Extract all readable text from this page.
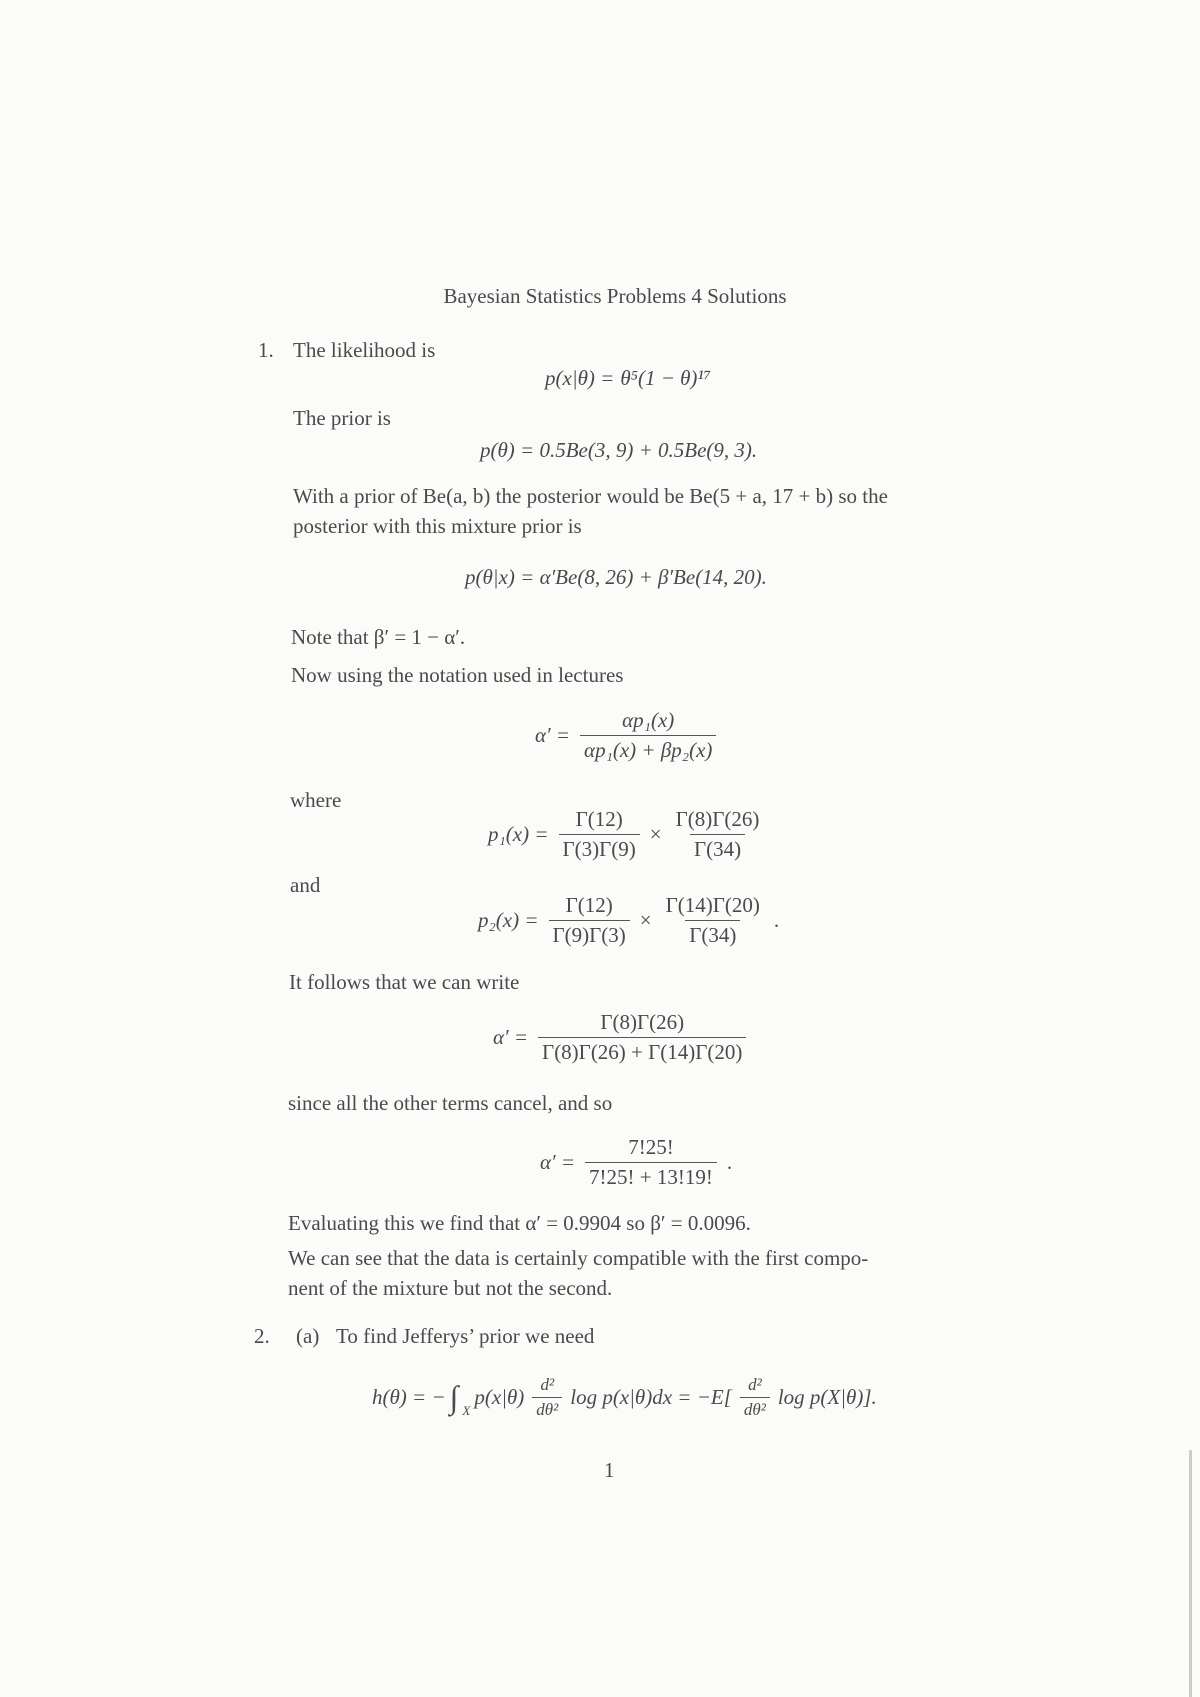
Bayesian Statistics Problems 4 Solutions
1. The likelihood is
p(x|θ) = θ⁵(1 − θ)¹⁷
The prior is
p(θ) = 0.5Be(3, 9) + 0.5Be(9, 3).
With a prior of Be(a, b) the posterior would be Be(5 + a, 17 + b) so the
posterior with this mixture prior is
p(θ|x) = α′Be(8, 26) + β′Be(14, 20).
Note that β′ = 1 − α′.
Now using the notation used in lectures
$\alpha' = \frac{\text{αp₁(x)}}{\text{αp₁(x) + βp₂(x)}}$
where
$p_1(x) = \frac{\Gamma(12)}{\Gamma(3)\Gamma(9)} \times \frac{\Gamma(8)\Gamma(26)}{\Gamma(34)}$
and
$p_2(x) = \frac{\Gamma(12)}{\Gamma(9)\Gamma(3)} \times \frac{\Gamma(14)\Gamma(20)}{\Gamma(34)}$ .
It follows that we can write
$\alpha' = \frac{\Gamma(8)\Gamma(26)}{\Gamma(8)\Gamma(26) + \Gamma(14)\Gamma(20)}$
since all the other terms cancel, and so
$\alpha' = \frac{7!25!}{7!25! + 13!19!}$ .
Evaluating this we find that α′ = 0.9904 so β′ = 0.0096.
We can see that the data is certainly compatible with the first compo-
nent of the mixture but not the second.
2. (a) To find Jefferys’ prior we need
h(θ) = − ∫ $_X$
$p(x|\theta) \frac{\text{d²}}{\text{dθ²}}$ $\log p(x|\theta)dx = -E[ \frac{\text{d²}}{\text{dθ²}}$ log p(X|θ)].
1
